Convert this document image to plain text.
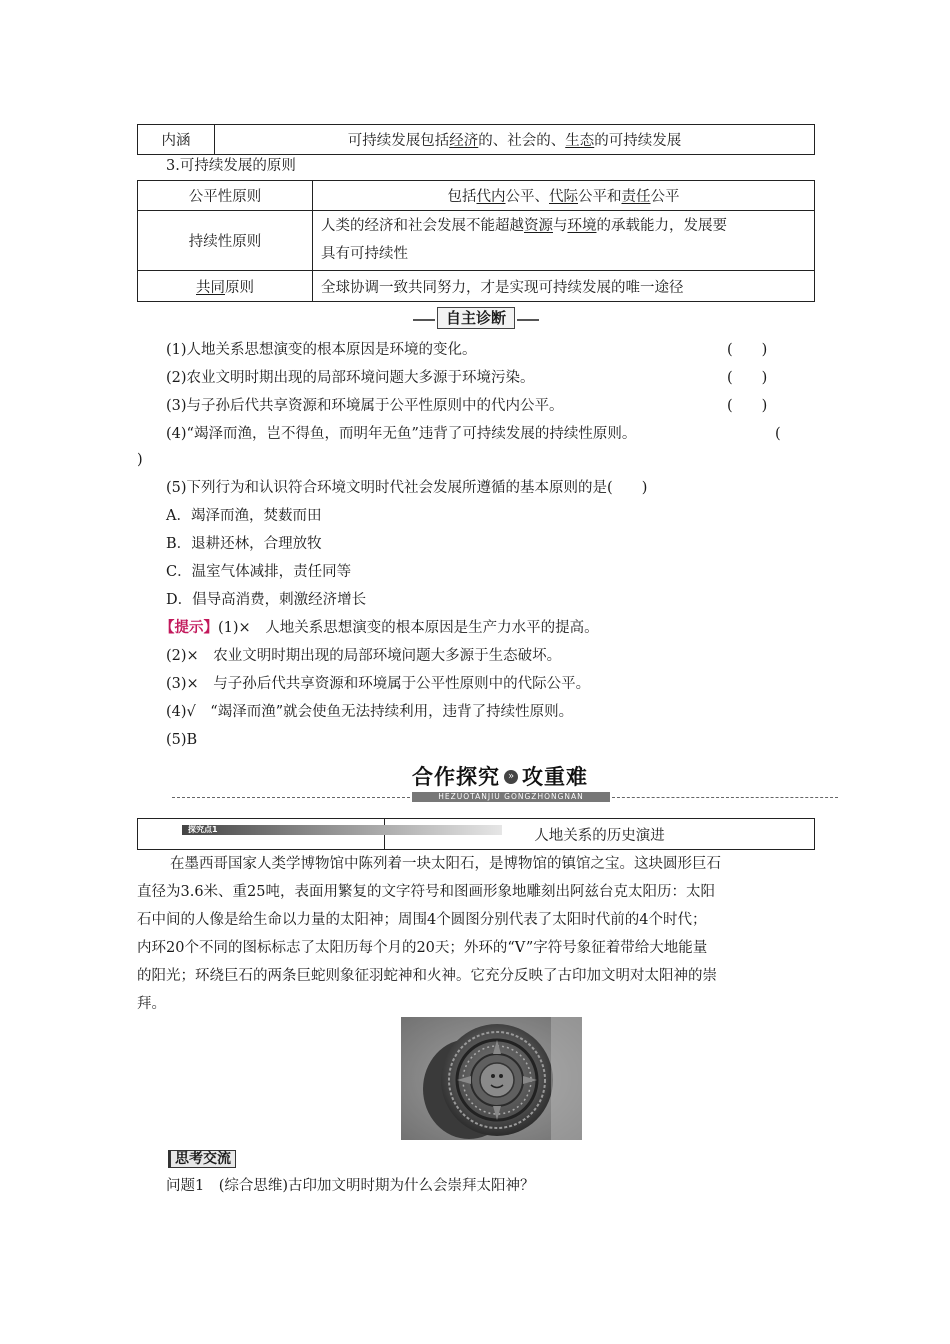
内涵	可持续发展包括经济的、社会的、生态的可持续发展
3.可持续发展的原则
公平性原则	包括代内公平、代际公平和责任公平
持续性原则	人类的经济和社会发展不能超越资源与环境的承载能力，发展要
具有可持续性
共同原则	全球协调一致共同努力，才是实现可持续发展的唯一途径
自主诊断
(1)人地关系思想演变的根本原因是环境的变化。	(　　)
(2)农业文明时期出现的局部环境问题大多源于环境污染。	(　　)
(3)与子孙后代共享资源和环境属于公平性原则中的代内公平。	(　　)
(4)“竭泽而渔，岂不得鱼，而明年无鱼”违背了可持续发展的持续性原则。	(
)
(5)下列行为和认识符合环境文明时代社会发展所遵循的基本原则的是(　　)
A．竭泽而渔，焚薮而田
B．退耕还林，合理放牧
C．温室气体减排，责任同等
D．倡导高消费，刺激经济增长
【提示】(1)×　人地关系思想演变的根本原因是生产力水平的提高。
(2)×　农业文明时期出现的局部环境问题大多源于生态破坏。
(3)×　与子孙后代共享资源和环境属于公平性原则中的代际公平。
(4)√　“竭泽而渔”就会使鱼无法持续利用，违背了持续性原则。
(5)B
合作探究 » 攻重难
HEZUOTANJIU GONGZHONGNAN
探究点1	人地关系的历史演进
在墨西哥国家人类学博物馆中陈列着一块太阳石，是博物馆的镇馆之宝。这块圆形巨石
直径为3.6米、重25吨，表面用繁复的文字符号和图画形象地雕刻出阿兹台克太阳历：太阳
石中间的人像是给生命以力量的太阳神；周围4个圆图分别代表了太阳时代前的4个时代；
内环20个不同的图标标志了太阳历每个月的20天；外环的“V”字符号象征着带给大地能量
的阳光；环绕巨石的两条巨蛇则象征羽蛇神和火神。它充分反映了古印加文明对太阳神的崇
拜。
思考交流
问题1　(综合思维)古印加文明时期为什么会崇拜太阳神？
